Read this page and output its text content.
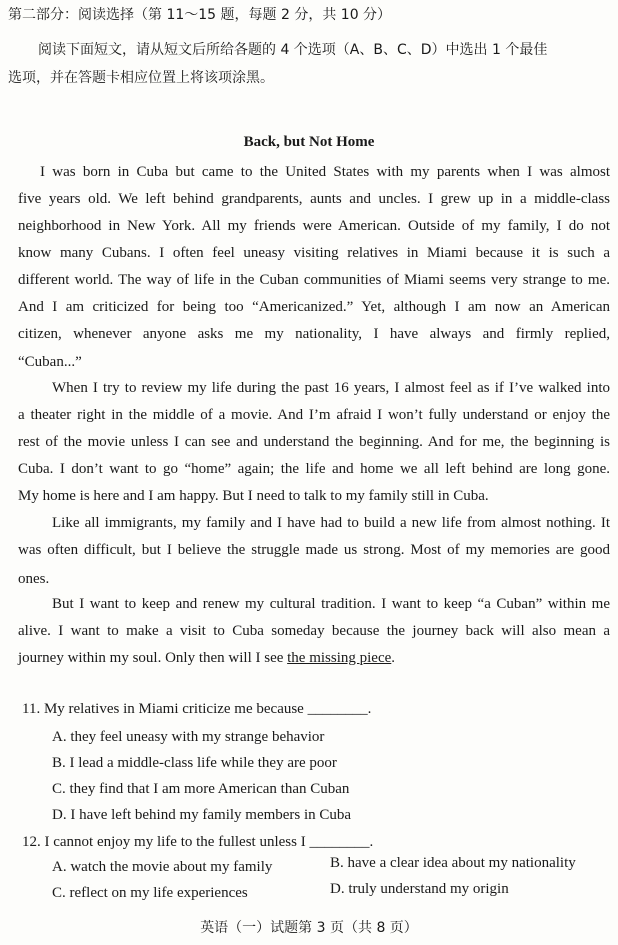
第二部分：阅读选择（第 11～15 题，每题 2 分，共 10 分）
阅读下面短文，请从短文后所给各题的 4 个选项（A、B、C、D）中选出 1 个最佳
选项，并在答题卡相应位置上将该项涂黑。
Back, but Not Home
I was born in Cuba but came to the United States with my parents when I was almost
five years old. We left behind grandparents, aunts and uncles. I grew up in a middle-class
neighborhood in New York. All my friends were American. Outside of my family, I do not
know many Cubans. I often feel uneasy visiting relatives in Miami because it is such a
different world. The way of life in the Cuban communities of Miami seems very strange to me.
And I am criticized for being too “Americanized.” Yet, although I am now an American
citizen, whenever anyone asks me my nationality, I have always and firmly replied,
“Cuban...”
When I try to review my life during the past 16 years, I almost feel as if I’ve walked into
a theater right in the middle of a movie. And I’m afraid I won’t fully understand or enjoy the
rest of the movie unless I can see and understand the beginning. And for me, the beginning is
Cuba. I don’t want to go “home” again; the life and home we all left behind are long gone.
My home is here and I am happy. But I need to talk to my family still in Cuba.
Like all immigrants, my family and I have had to build a new life from almost nothing. It
was often difficult, but I believe the struggle made us strong. Most of my memories are good
ones.
But I want to keep and renew my cultural tradition. I want to keep “a Cuban” within me
alive. I want to make a visit to Cuba someday because the journey back will also mean a
journey within my soul. Only then will I see the missing piece.
11. My relatives in Miami criticize me because ________.
A. they feel uneasy with my strange behavior
B. I lead a middle-class life while they are poor
C. they find that I am more American than Cuban
D. I have left behind my family members in Cuba
12. I cannot enjoy my life to the fullest unless I ________.
A. watch the movie about my family	B. have a clear idea about my nationality
C. reflect on my life experiences	D. truly understand my origin
英语（一）试题第 3 页（共 8 页）
